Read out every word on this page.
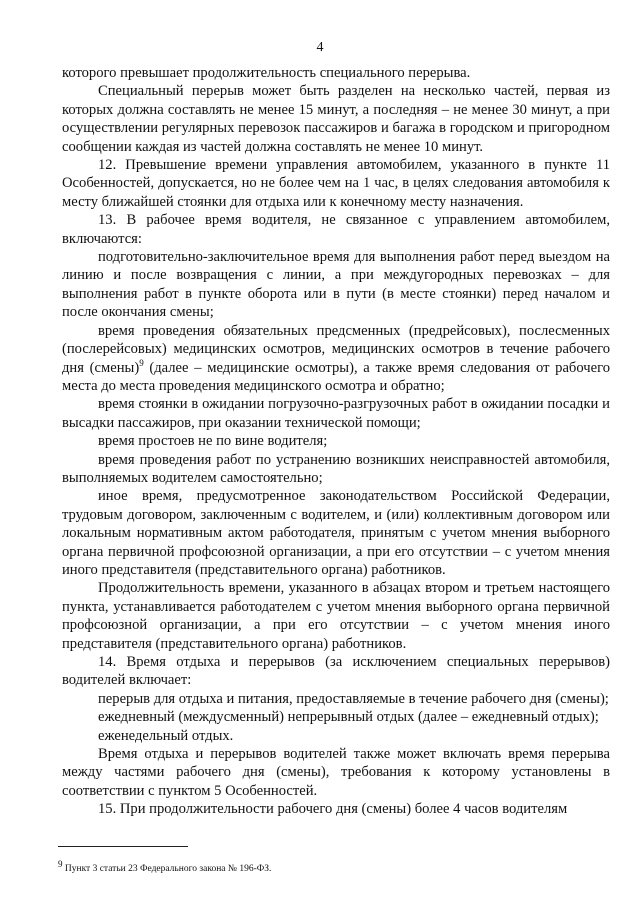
4

которого превышает продолжительность специального перерыва.

Специальный перерыв может быть разделен на несколько частей, первая из которых должна составлять не менее 15 минут, а последняя – не менее 30 минут, а при осуществлении регулярных перевозок пассажиров и багажа в городском и пригородном сообщении каждая из частей должна составлять не менее 10 минут.

12. Превышение времени управления автомобилем, указанного в пункте 11 Особенностей, допускается, но не более чем на 1 час, в целях следования автомобиля к месту ближайшей стоянки для отдыха или к конечному месту назначения.

13. В рабочее время водителя, не связанное с управлением автомобилем, включаются:

подготовительно-заключительное время для выполнения работ перед выездом на линию и после возвращения с линии, а при междугородных перевозках – для выполнения работ в пункте оборота или в пути (в месте стоянки) перед началом и после окончания смены;

время проведения обязательных предсменных (предрейсовых), послесменных (послерейсовых) медицинских осмотров, медицинских осмотров в течение рабочего дня (смены)$^9$ (далее – медицинские осмотры), а также время следования от рабочего места до места проведения медицинского осмотра и обратно;

время стоянки в ожидании погрузочно-разгрузочных работ в ожидании посадки и высадки пассажиров, при оказании технической помощи;

время простоев не по вине водителя;

время проведения работ по устранению возникших неисправностей автомобиля, выполняемых водителем самостоятельно;

иное время, предусмотренное законодательством Российской Федерации, трудовым договором, заключенным с водителем, и (или) коллективным договором или локальным нормативным актом работодателя, принятым с учетом мнения выборного органа первичной профсоюзной организации, а при его отсутствии – с учетом мнения иного представителя (представительного органа) работников.

Продолжительность времени, указанного в абзацах втором и третьем настоящего пункта, устанавливается работодателем с учетом мнения выборного органа первичной профсоюзной организации, а при его отсутствии – с учетом мнения иного представителя (представительного органа) работников.

14. Время отдыха и перерывов (за исключением специальных перерывов) водителей включает:

перерыв для отдыха и питания, предоставляемые в течение рабочего дня (смены);

ежедневный (междусменный) непрерывный отдых (далее – ежедневный отдых);

еженедельный отдых.

Время отдыха и перерывов водителей также может включать время перерыва между частями рабочего дня (смены), требования к которому установлены в соответствии с пунктом 5 Особенностей.

15. При продолжительности рабочего дня (смены) более 4 часов водителям

$^9$ Пункт 3 статьи 23 Федерального закона № 196-ФЗ.
